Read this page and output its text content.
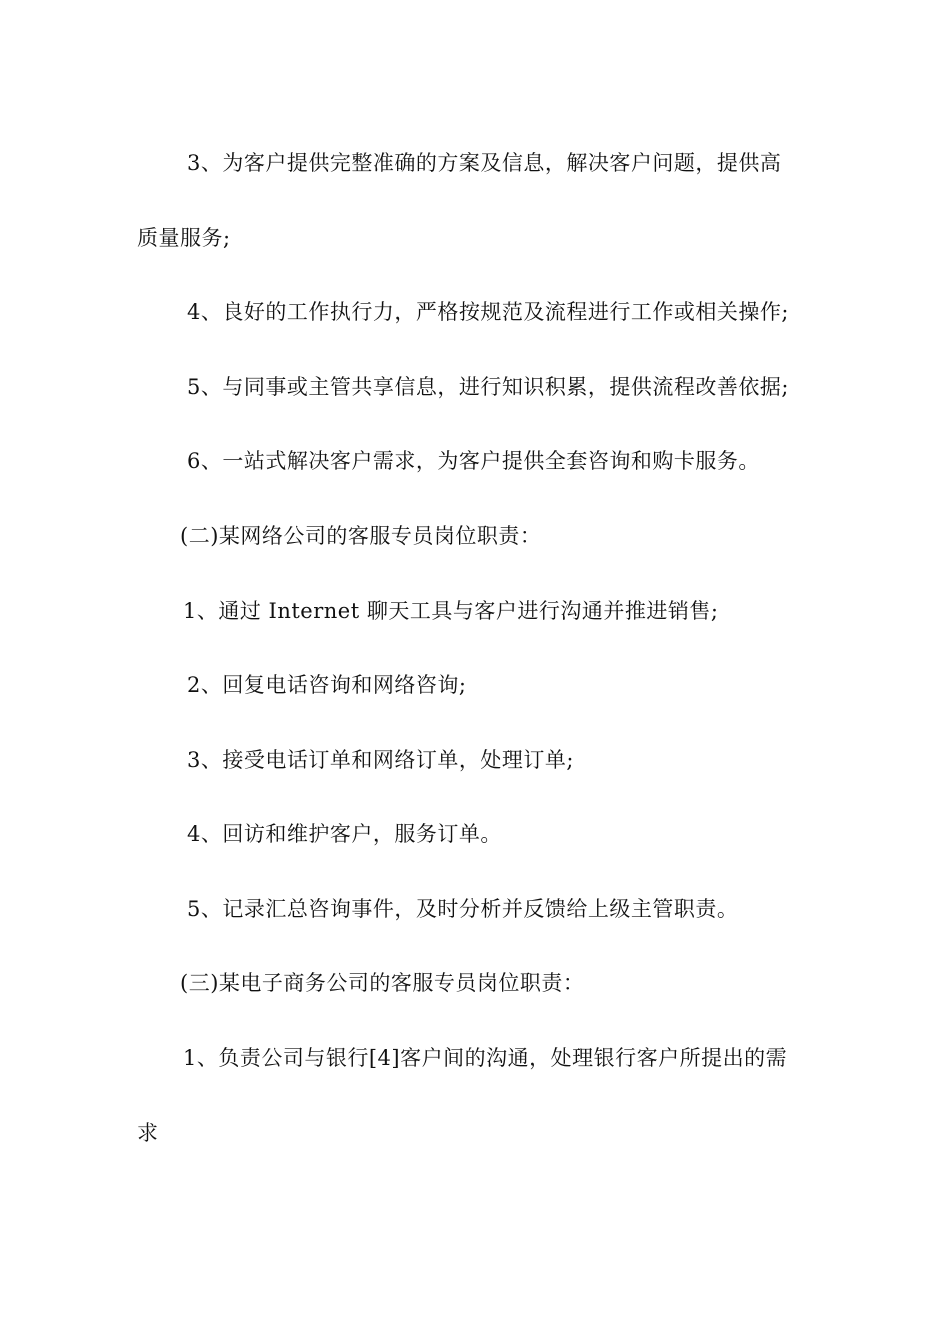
3、为客户提供完整准确的方案及信息，解决客户问题，提供高
质量服务;
4、良好的工作执行力，严格按规范及流程进行工作或相关操作;
5、与同事或主管共享信息，进行知识积累，提供流程改善依据;
6、一站式解决客户需求，为客户提供全套咨询和购卡服务。
(二)某网络公司的客服专员岗位职责：
1、通过 Internet 聊天工具与客户进行沟通并推进销售;
2、回复电话咨询和网络咨询;
3、接受电话订单和网络订单，处理订单;
4、回访和维护客户，服务订单。
5、记录汇总咨询事件，及时分析并反馈给上级主管职责。
(三)某电子商务公司的客服专员岗位职责：
1、负责公司与银行[4]客户间的沟通，处理银行客户所提出的需
求
